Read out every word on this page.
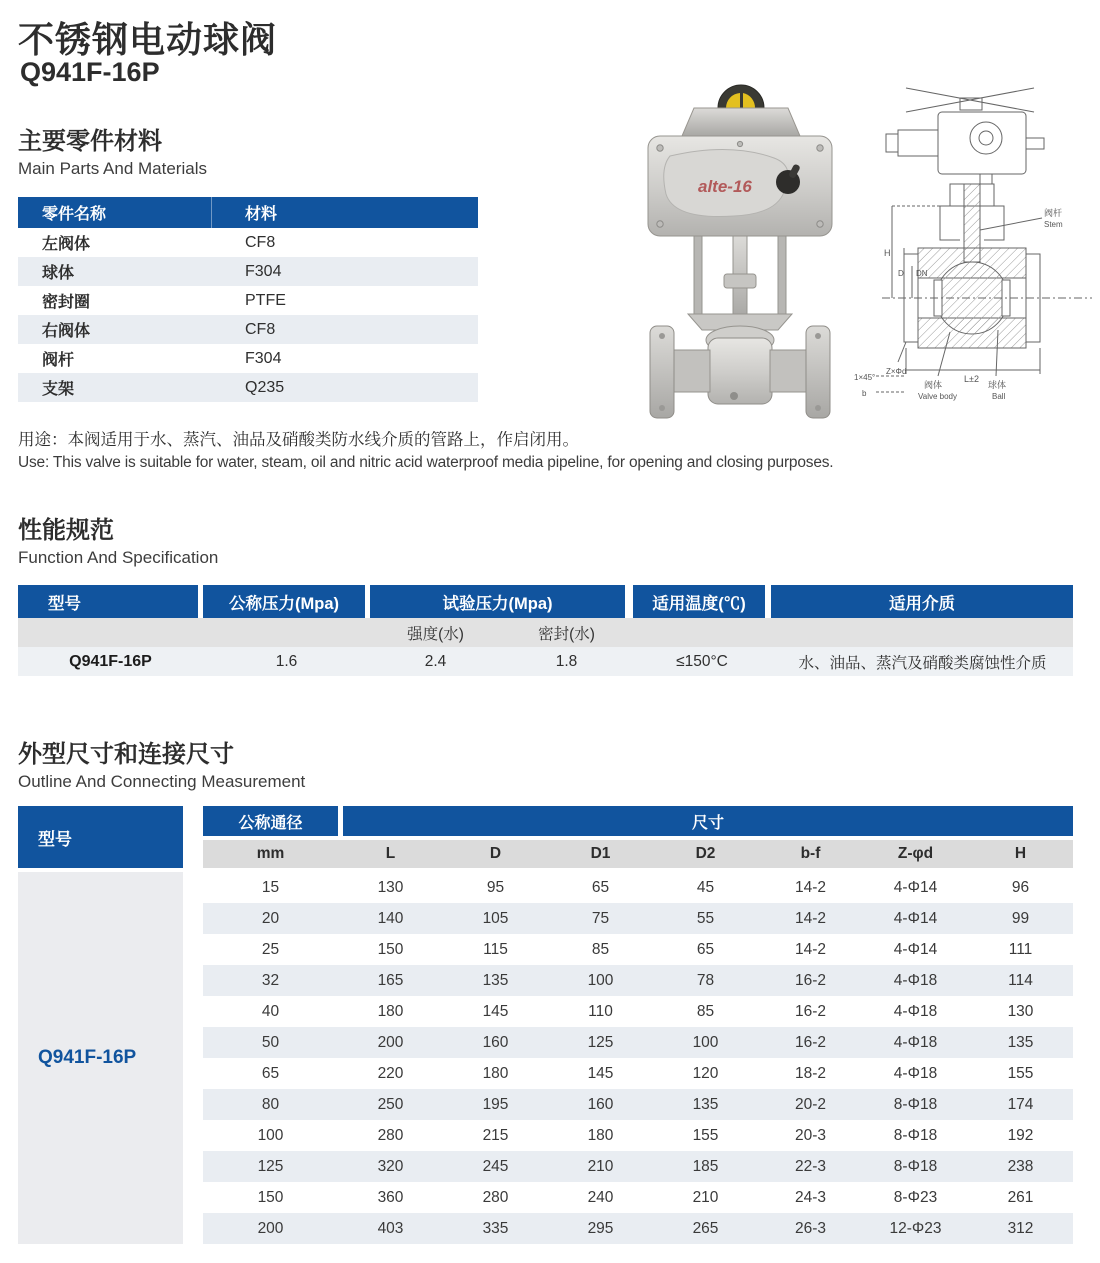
不锈钢电动球阀
Q941F-16P
alte-16
H
D DN
阀杆
Stem
Z×Φd
1×45°
b
阀体
Valve body
球体
Ball
L±2
主要零件材料
Main Parts And Materials
零件名称	材料
左阀体	CF8
球体	F304
密封圈	PTFE
右阀体	CF8
阀杆	F304
支架	Q235
用途：本阀适用于水、蒸汽、油品及硝酸类防水线介质的管路上，作启闭用。
Use: This valve is suitable for water, steam, oil and nitric acid waterproof media pipeline, for opening and closing purposes.
性能规范
Function And Specification
型号	公称压力(Mpa)	试验压力(Mpa)	适用温度(℃)	适用介质
强度(水)	密封(水)
Q941F-16P	1.6	2.4	1.8	≤150°C	水、油品、蒸汽及硝酸类腐蚀性介质
外型尺寸和连接尺寸
Outline And Connecting Measurement
型号
Q941F-16P
公称通径	尺寸
mm	L	D	D1	D2	b-f	Z-φd	H
15	130	95	65	45	14-2	4-Φ14	96
20	140	105	75	55	14-2	4-Φ14	99
25	150	115	85	65	14-2	4-Φ14	111
32	165	135	100	78	16-2	4-Φ18	114
40	180	145	110	85	16-2	4-Φ18	130
50	200	160	125	100	16-2	4-Φ18	135
65	220	180	145	120	18-2	4-Φ18	155
80	250	195	160	135	20-2	8-Φ18	174
100	280	215	180	155	20-3	8-Φ18	192
125	320	245	210	185	22-3	8-Φ18	238
150	360	280	240	210	24-3	8-Φ23	261
200	403	335	295	265	26-3	12-Φ23	312
